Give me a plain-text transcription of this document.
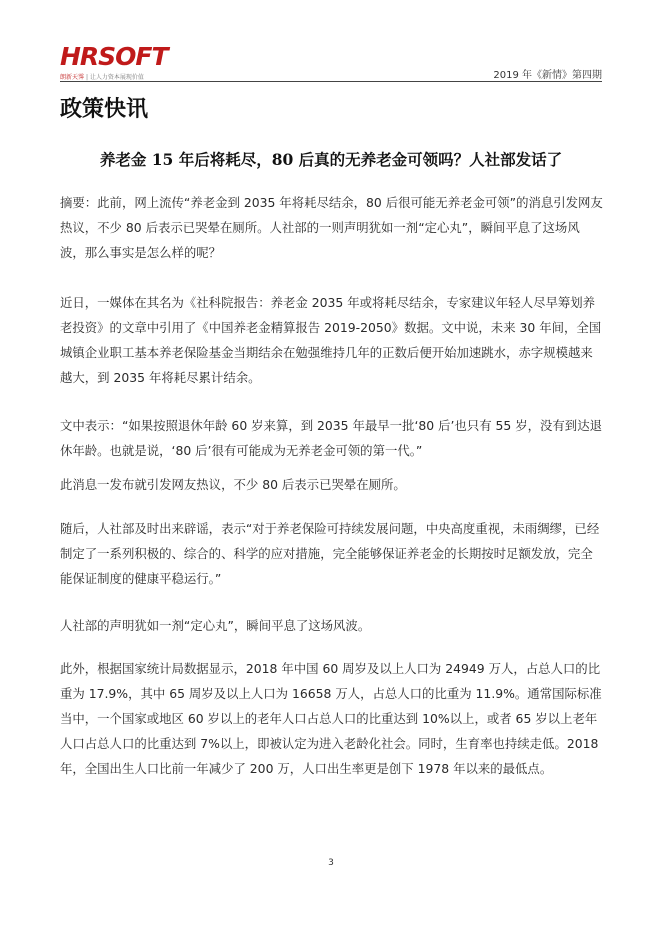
HRSOFT
朗新天霁 | 让人力资本展现价值	2019 年《新情》第四期
政策快讯
养老金 15 年后将耗尽，80 后真的无养老金可领吗？人社部发话了
摘要：此前，网上流传“养老金到 2035 年将耗尽结余，80 后很可能无养老金可领”的消息引发网友热议，不少 80 后表示已哭晕在厕所。人社部的一则声明犹如一剂“定心丸”，瞬间平息了这场风波，那么事实是怎么样的呢？
近日，一媒体在其名为《社科院报告：养老金 2035 年或将耗尽结余，专家建议年轻人尽早筹划养老投资》的文章中引用了《中国养老金精算报告 2019-2050》数据。文中说，未来 30 年间，全国城镇企业职工基本养老保险基金当期结余在勉强维持几年的正数后便开始加速跳水，赤字规模越来越大，到 2035 年将耗尽累计结余。
文中表示：“如果按照退休年龄 60 岁来算，到 2035 年最早一批‘80 后’也只有 55 岁，没有到达退休年龄。也就是说，‘80 后’很有可能成为无养老金可领的第一代。”
此消息一发布就引发网友热议，不少 80 后表示已哭晕在厕所。
随后，人社部及时出来辟谣，表示“对于养老保险可持续发展问题，中央高度重视，未雨绸缪，已经制定了一系列积极的、综合的、科学的应对措施，完全能够保证养老金的长期按时足额发放，完全能保证制度的健康平稳运行。”
人社部的声明犹如一剂“定心丸”，瞬间平息了这场风波。
此外，根据国家统计局数据显示，2018 年中国 60 周岁及以上人口为 24949 万人，占总人口的比重为 17.9%，其中 65 周岁及以上人口为 16658 万人，占总人口的比重为 11.9%。通常国际标准当中，一个国家或地区 60 岁以上的老年人口占总人口的比重达到 10%以上，或者 65 岁以上老年人口占总人口的比重达到 7%以上，即被认定为进入老龄化社会。同时，生育率也持续走低。2018 年，全国出生人口比前一年减少了 200 万，人口出生率更是创下 1978 年以来的最低点。
3
